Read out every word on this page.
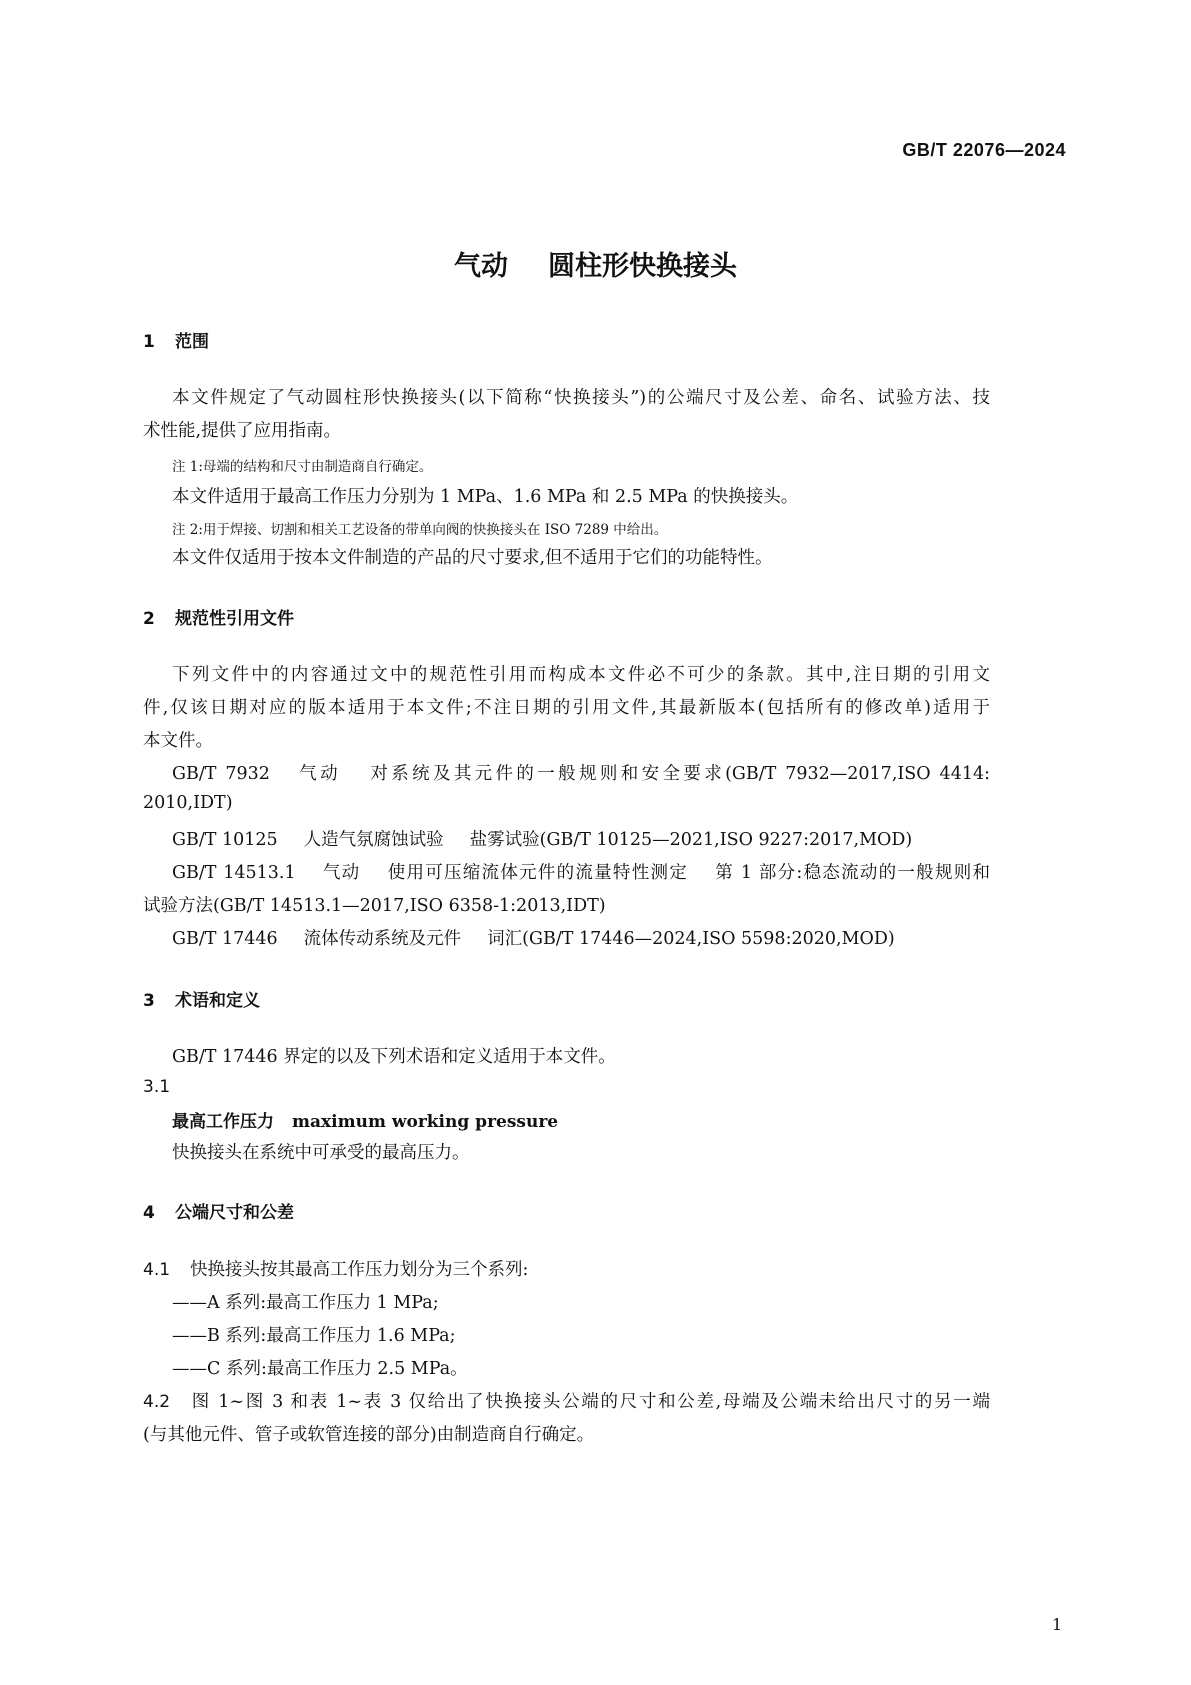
GB/T 22076—2024
气动 圆柱形快换接头
1 范围
本文件规定了气动圆柱形快换接头(以下简称“快换接头”)的公端尺寸及公差、命名、试验方法、技
术性能,提供了应用指南。
注 1:母端的结构和尺寸由制造商自行确定。
本文件适用于最高工作压力分别为 1 MPa、1.6 MPa 和 2.5 MPa 的快换接头。
注 2:用于焊接、切割和相关工艺设备的带单向阀的快换接头在 ISO 7289 中给出。
本文件仅适用于按本文件制造的产品的尺寸要求,但不适用于它们的功能特性。
2 规范性引用文件
下列文件中的内容通过文中的规范性引用而构成本文件必不可少的条款。其中,注日期的引用文
件,仅该日期对应的版本适用于本文件;不注日期的引用文件,其最新版本(包括所有的修改单)适用于
本文件。
GB/T 7932 气动 对系统及其元件的一般规则和安全要求(GB/T 7932—2017,ISO 4414:
2010,IDT)
GB/T 10125 人造气氛腐蚀试验 盐雾试验(GB/T 10125—2021,ISO 9227:2017,MOD)
GB/T 14513.1 气动 使用可压缩流体元件的流量特性测定 第 1 部分:稳态流动的一般规则和
试验方法(GB/T 14513.1—2017,ISO 6358-1:2013,IDT)
GB/T 17446 流体传动系统及元件 词汇(GB/T 17446—2024,ISO 5598:2020,MOD)
3 术语和定义
GB/T 17446 界定的以及下列术语和定义适用于本文件。
3.1
最高工作压力 maximum working pressure
快换接头在系统中可承受的最高压力。
4 公端尺寸和公差
4.1 快换接头按其最高工作压力划分为三个系列:
——A 系列:最高工作压力 1 MPa;
——B 系列:最高工作压力 1.6 MPa;
——C 系列:最高工作压力 2.5 MPa。
4.2 图 1~图 3 和表 1~表 3 仅给出了快换接头公端的尺寸和公差,母端及公端未给出尺寸的另一端
(与其他元件、管子或软管连接的部分)由制造商自行确定。
1
